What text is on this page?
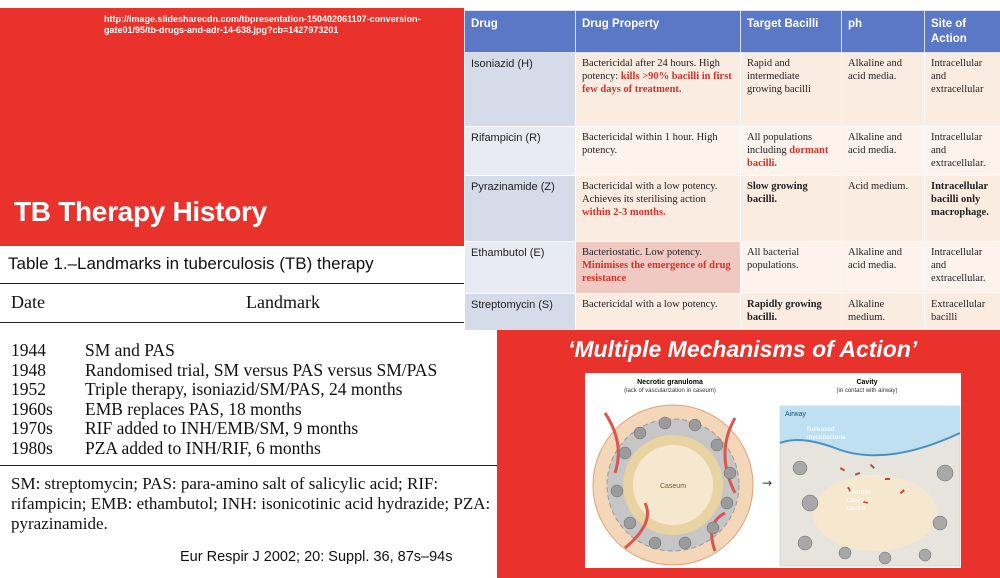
http://image.slidesharecdn.com/tbpresentation-150402061107-conversion-gate01/95/tb-drugs-and-adr-14-638.jpg?cb=1427973201
TB Therapy History
Table 1.–Landmarks in tuberculosis (TB) therapy
Date	Landmark
1944	SM and PAS
1948	Randomised trial, SM versus PAS versus SM/PAS
1952	Triple therapy, isoniazid/SM/PAS, 24 months
1960s	EMB replaces PAS, 18 months
1970s	RIF added to INH/EMB/SM, 9 months
1980s	PZA added to INH/RIF, 6 months
SM: streptomycin; PAS: para-amino salt of salicylic acid; RIF: rifampicin; EMB: ethambutol; INH: isonicotinic acid hydrazide; PZA: pyrazinamide.
Eur Respir J 2002; 20: Suppl. 36, 87s–94s
Drug	Drug Property	Target Bacilli	ph	Site of Action
Isoniazid (H)	Bactericidal after 24 hours. High potency: kills >90% bacilli in first few days of treatment.	Rapid and intermediate growing bacilli	Alkaline and acid media.	Intracellular and extracellular
Rifampicin (R)	Bactericidal within 1 hour. High potency.	All populations including dormant bacilli.	Alkaline and acid media.	Intracellular and extracellular.
Pyrazinamide (Z)	Bactericidal with a low potency. Achieves its sterilising action within 2-3 months.	Slow growing bacilli.	Acid medium.	Intracellular bacilli only macrophage.
Ethambutol (E)	Bacteriostatic. Low potency. Minimises the emergence of drug resistance	All bacterial populations.	Alkaline and acid media.	Intracellular and extracellular.
Streptomycin (S)	Bactericidal with a low potency.	Rapidly growing bacilli.	Alkaline medium.	Extracellular bacilli
‘Multiple Mechanisms of Action’
Necrotic granuloma
(lack of vascularization in caseum)
Cavity
(in contact with airway)
Caseum	→
Airway
Released
mycobacteria
Necrotic
caseous
centre
